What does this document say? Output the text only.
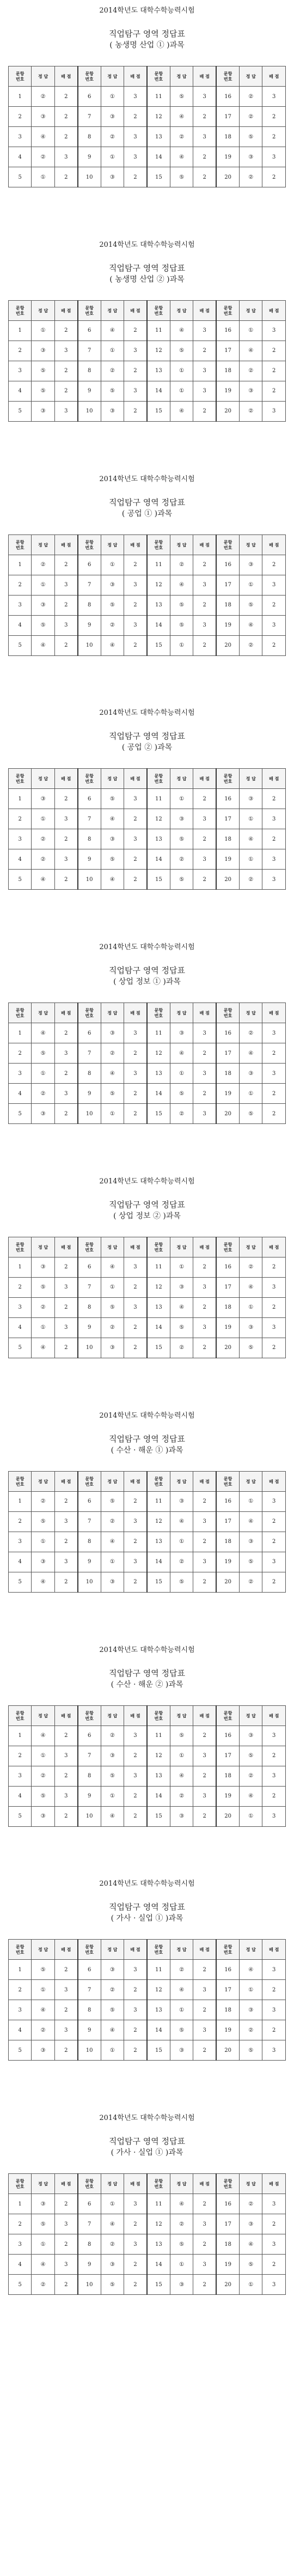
2014학년도 대학수학능력시험
직업탐구 영역 정답표
( 농생명 산업 ① )과목
문항
번호	정 답	배 점	문항
번호	정 답	배 점	문항
번호	정 답	배 점	문항
번호	정 답	배 점
1	②	2	6	①	3	11	⑤	3	16	②	3
2	③	2	7	③	2	12	④	2	17	②	2
3	④	2	8	②	3	13	②	3	18	⑤	2
4	②	3	9	①	3	14	④	2	19	③	3
5	①	2	10	③	2	15	⑤	2	20	②	2
2014학년도 대학수학능력시험
직업탐구 영역 정답표
( 농생명 산업 ② )과목
문항
번호	정 답	배 점	문항
번호	정 답	배 점	문항
번호	정 답	배 점	문항
번호	정 답	배 점
1	①	2	6	④	2	11	④	3	16	①	3
2	③	3	7	①	3	12	⑤	2	17	④	2
3	⑤	2	8	②	2	13	①	3	18	②	2
4	⑤	2	9	⑤	3	14	①	3	19	③	2
5	③	3	10	③	2	15	④	2	20	②	3
2014학년도 대학수학능력시험
직업탐구 영역 정답표
( 공업 ① )과목
문항
번호	정 답	배 점	문항
번호	정 답	배 점	문항
번호	정 답	배 점	문항
번호	정 답	배 점
1	②	2	6	①	2	11	②	2	16	③	2
2	①	3	7	③	3	12	④	3	17	①	3
3	③	2	8	⑤	2	13	⑤	2	18	⑤	2
4	⑤	3	9	②	3	14	⑤	3	19	④	3
5	④	2	10	④	2	15	①	2	20	②	2
2014학년도 대학수학능력시험
직업탐구 영역 정답표
( 공업 ② )과목
문항
번호	정 답	배 점	문항
번호	정 답	배 점	문항
번호	정 답	배 점	문항
번호	정 답	배 점
1	③	2	6	⑤	3	11	①	2	16	③	2
2	①	3	7	④	2	12	③	3	17	①	3
3	②	2	8	③	3	13	⑤	2	18	④	2
4	②	3	9	⑤	2	14	②	3	19	①	3
5	④	2	10	④	2	15	⑤	2	20	②	3
2014학년도 대학수학능력시험
직업탐구 영역 정답표
( 상업 정보 ① )과목
문항
번호	정 답	배 점	문항
번호	정 답	배 점	문항
번호	정 답	배 점	문항
번호	정 답	배 점
1	④	2	6	③	3	11	③	3	16	②	3
2	⑤	3	7	②	2	12	④	2	17	④	2
3	①	2	8	④	3	13	①	3	18	③	3
4	②	3	9	⑤	2	14	⑤	2	19	①	2
5	③	2	10	①	2	15	②	3	20	⑤	2
2014학년도 대학수학능력시험
직업탐구 영역 정답표
( 상업 정보 ② )과목
문항
번호	정 답	배 점	문항
번호	정 답	배 점	문항
번호	정 답	배 점	문항
번호	정 답	배 점
1	③	2	6	④	3	11	①	2	16	②	2
2	⑤	3	7	①	2	12	③	3	17	④	3
3	②	2	8	⑤	3	13	④	2	18	①	2
4	①	3	9	②	2	14	⑤	3	19	③	3
5	④	2	10	③	2	15	②	2	20	⑤	2
2014학년도 대학수학능력시험
직업탐구 영역 정답표
( 수산 · 해운 ① )과목
문항
번호	정 답	배 점	문항
번호	정 답	배 점	문항
번호	정 답	배 점	문항
번호	정 답	배 점
1	②	2	6	⑤	2	11	③	2	16	①	3
2	⑤	3	7	②	3	12	④	3	17	④	2
3	①	2	8	④	2	13	①	2	18	③	2
4	③	3	9	①	3	14	②	3	19	⑤	3
5	④	2	10	③	2	15	⑤	2	20	②	2
2014학년도 대학수학능력시험
직업탐구 영역 정답표
( 수산 · 해운 ② )과목
문항
번호	정 답	배 점	문항
번호	정 답	배 점	문항
번호	정 답	배 점	문항
번호	정 답	배 점
1	④	2	6	②	3	11	⑤	2	16	③	3
2	①	3	7	③	2	12	①	3	17	⑤	2
3	②	2	8	⑤	3	13	④	2	18	②	3
4	⑤	3	9	①	2	14	②	3	19	④	2
5	③	2	10	④	2	15	③	2	20	①	3
2014학년도 대학수학능력시험
직업탐구 영역 정답표
( 가사 · 실업 ① )과목
문항
번호	정 답	배 점	문항
번호	정 답	배 점	문항
번호	정 답	배 점	문항
번호	정 답	배 점
1	⑤	2	6	③	3	11	②	2	16	④	3
2	①	3	7	②	2	12	④	3	17	①	2
3	④	2	8	⑤	3	13	①	2	18	③	3
4	②	3	9	④	2	14	⑤	3	19	②	2
5	③	2	10	①	2	15	③	2	20	⑤	3
2014학년도 대학수학능력시험
직업탐구 영역 정답표
( 가사 · 실업 ① )과목
문항
번호	정 답	배 점	문항
번호	정 답	배 점	문항
번호	정 답	배 점	문항
번호	정 답	배 점
1	③	2	6	①	3	11	④	2	16	②	3
2	⑤	3	7	④	2	12	②	3	17	③	2
3	①	2	8	②	3	13	⑤	2	18	④	3
4	④	3	9	③	2	14	①	3	19	⑤	2
5	②	2	10	⑤	2	15	③	2	20	①	3
